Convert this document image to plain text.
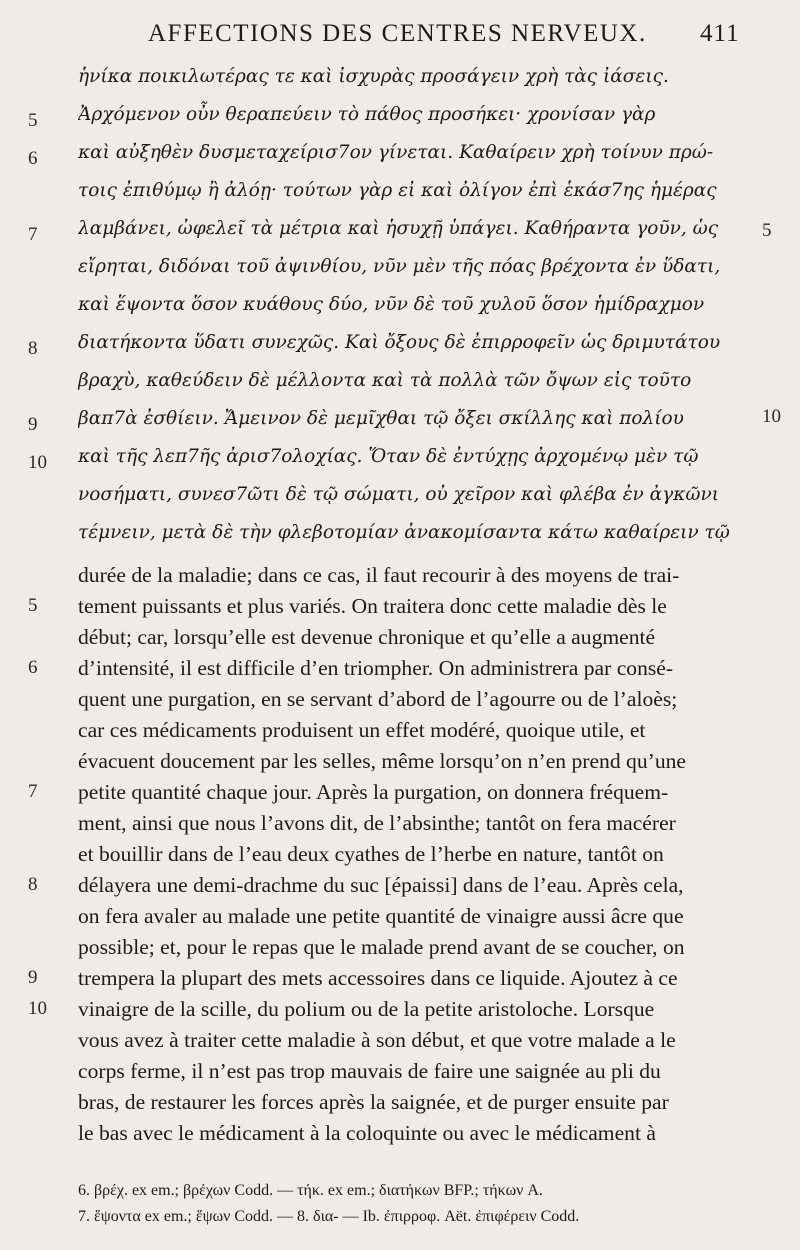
AFFECTIONS DES CENTRES NERVEUX. 411
ἡνίκα ποικιλωτέρας τε καὶ ἰσχυρὰς προσάγειν χρὴ τὰς ἰάσεις.
Ἀρχόμενον οὖν θεραπεύειν τὸ πάθος προσήκει· χρονίσαν γὰρ
καὶ αὐξηθὲν δυσμεταχείρισ7ον γίνεται. Καθαίρειν χρὴ τοίνυν πρώ-
τοις ἐπιθύμῳ ἢ ἀλόῃ· τούτων γὰρ εἰ καὶ ὀλίγον ἐπὶ ἑκάσ7ης ἡμέρας
λαμβάνει, ὠφελεῖ τὰ μέτρια καὶ ἡσυχῇ ὑπάγει. Καθήραντα γοῦν, ὡς
εἴρηται, διδόναι τοῦ ἀψινθίου, νῦν μὲν τῆς πόας βρέχοντα ἐν ὕδατι,
καὶ ἕψοντα ὅσον κυάθους δύο, νῦν δὲ τοῦ χυλοῦ ὅσον ἡμίδραχμον
διατήκοντα ὕδατι συνεχῶς. Καὶ ὄξους δὲ ἐπιρροφεῖν ὡς δριμυτάτου
βραχὺ, καθεύδειν δὲ μέλλοντα καὶ τὰ πολλὰ τῶν ὄψων εἰς τοῦτο
βαπ7ὰ ἐσθίειν. Ἄμεινον δὲ μεμῖχθαι τῷ ὄξει σκίλλης καὶ πολίου
καὶ τῆς λεπ7ῆς ἀρισ7ολοχίας. Ὅταν δὲ ἐντύχῃς ἀρχομένῳ μὲν τῷ
νοσήματι, συνεσ7ῶτι δὲ τῷ σώματι, οὐ χεῖρον καὶ φλέβα ἐν ἀγκῶνι
τέμνειν, μετὰ δὲ τὴν φλεβοτομίαν ἀνακομίσαντα κάτω καθαίρειν τῷ
5
6
7
8
9
10
5
10
durée de la maladie; dans ce cas, il faut recourir à des moyens de trai-
tement puissants et plus variés. On traitera donc cette maladie dès le
début; car, lorsqu’elle est devenue chronique et qu’elle a augmenté
d’intensité, il est difficile d’en triompher. On administrera par consé-
quent une purgation, en se servant d’abord de l’agourre ou de l’aloès;
car ces médicaments produisent un effet modéré, quoique utile, et
évacuent doucement par les selles, même lorsqu’on n’en prend qu’une
petite quantité chaque jour. Après la purgation, on donnera fréquem-
ment, ainsi que nous l’avons dit, de l’absinthe; tantôt on fera macérer
et bouillir dans de l’eau deux cyathes de l’herbe en nature, tantôt on
délayera une demi-drachme du suc [épaissi] dans de l’eau. Après cela,
on fera avaler au malade une petite quantité de vinaigre aussi âcre que
possible; et, pour le repas que le malade prend avant de se coucher, on
trempera la plupart des mets accessoires dans ce liquide. Ajoutez à ce
vinaigre de la scille, du polium ou de la petite aristoloche. Lorsque
vous avez à traiter cette maladie à son début, et que votre malade a le
corps ferme, il n’est pas trop mauvais de faire une saignée au pli du
bras, de restaurer les forces après la saignée, et de purger ensuite par
le bas avec le médicament à la coloquinte ou avec le médicament à
5
6
7
8
9
10
6. βρέχ. ex em.; βρέχων Codd. — τήκ. ex em.; διατήκων BFP.; τήκων A.
7. ἕψοντα ex em.; ἕψων Codd. — 8. δια- — Ib. ἐπιρροφ. Aët. ἐπιφέρειν Codd.
